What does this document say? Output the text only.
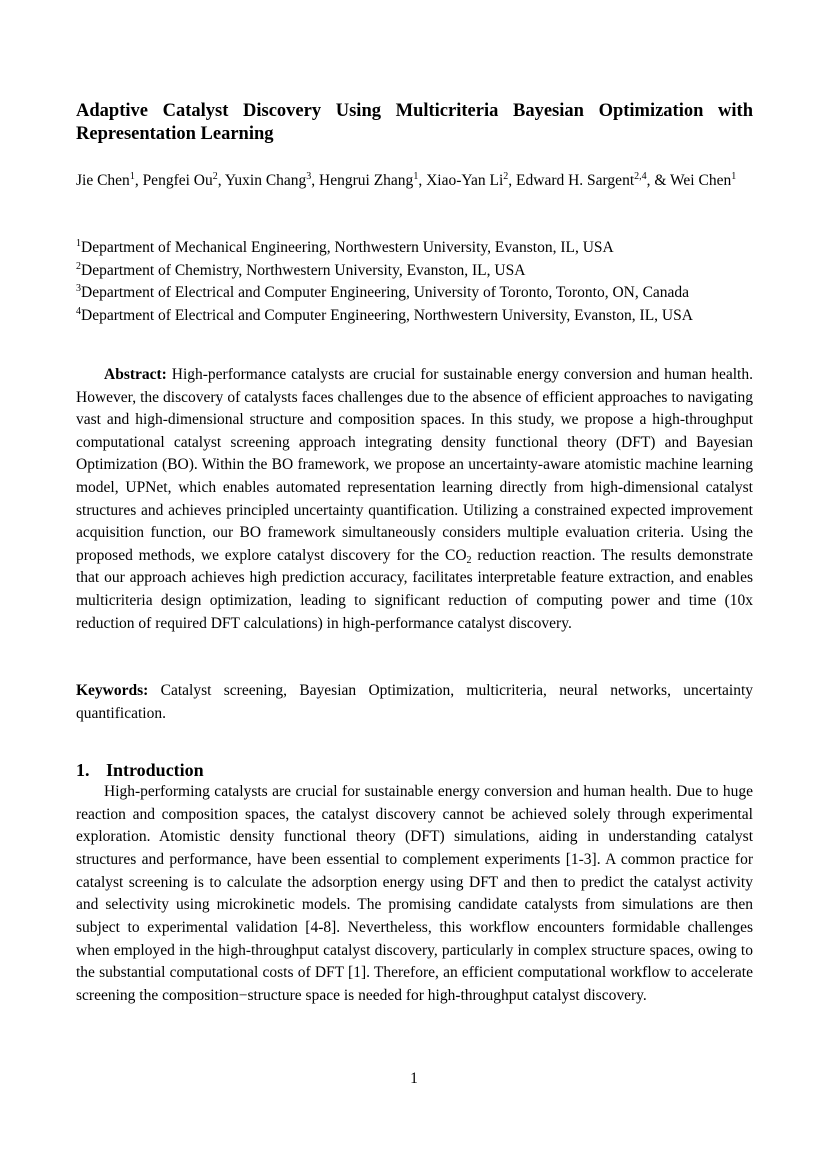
Adaptive Catalyst Discovery Using Multicriteria Bayesian Optimization with Representation Learning
Jie Chen$^1$, Pengfei Ou$^2$, Yuxin Chang$^3$, Hengrui Zhang$^1$, Xiao-Yan Li$^2$, Edward H. Sargent$^{2,4}$, & Wei Chen$^1$
$^1$Department of Mechanical Engineering, Northwestern University, Evanston, IL, USA
$^2$Department of Chemistry, Northwestern University, Evanston, IL, USA
$^3$Department of Electrical and Computer Engineering, University of Toronto, Toronto, ON, Canada
$^4$Department of Electrical and Computer Engineering, Northwestern University, Evanston, IL, USA
Abstract: High-performance catalysts are crucial for sustainable energy conversion and human health. However, the discovery of catalysts faces challenges due to the absence of efficient approaches to navigating vast and high-dimensional structure and composition spaces. In this study, we propose a high-throughput computational catalyst screening approach integrating density functional theory (DFT) and Bayesian Optimization (BO). Within the BO framework, we propose an uncertainty-aware atomistic machine learning model, UPNet, which enables automated representation learning directly from high-dimensional catalyst structures and achieves principled uncertainty quantification. Utilizing a constrained expected improvement acquisition function, our BO framework simultaneously considers multiple evaluation criteria. Using the proposed methods, we explore catalyst discovery for the $CO_2$ reduction reaction. The results demonstrate that our approach achieves high prediction accuracy, facilitates interpretable feature extraction, and enables multicriteria design optimization, leading to significant reduction of computing power and time (10x reduction of required DFT calculations) in high-performance catalyst discovery.
Keywords: Catalyst screening, Bayesian Optimization, multicriteria, neural networks, uncertainty quantification.
1. Introduction
High-performing catalysts are crucial for sustainable energy conversion and human health. Due to huge reaction and composition spaces, the catalyst discovery cannot be achieved solely through experimental exploration. Atomistic density functional theory (DFT) simulations, aiding in understanding catalyst structures and performance, have been essential to complement experiments [1-3]. A common practice for catalyst screening is to calculate the adsorption energy using DFT and then to predict the catalyst activity and selectivity using microkinetic models. The promising candidate catalysts from simulations are then subject to experimental validation [4-8]. Nevertheless, this workflow encounters formidable challenges when employed in the high-throughput catalyst discovery, particularly in complex structure spaces, owing to the substantial computational costs of DFT [1]. Therefore, an efficient computational workflow to accelerate screening the composition−structure space is needed for high-throughput catalyst discovery.
1
